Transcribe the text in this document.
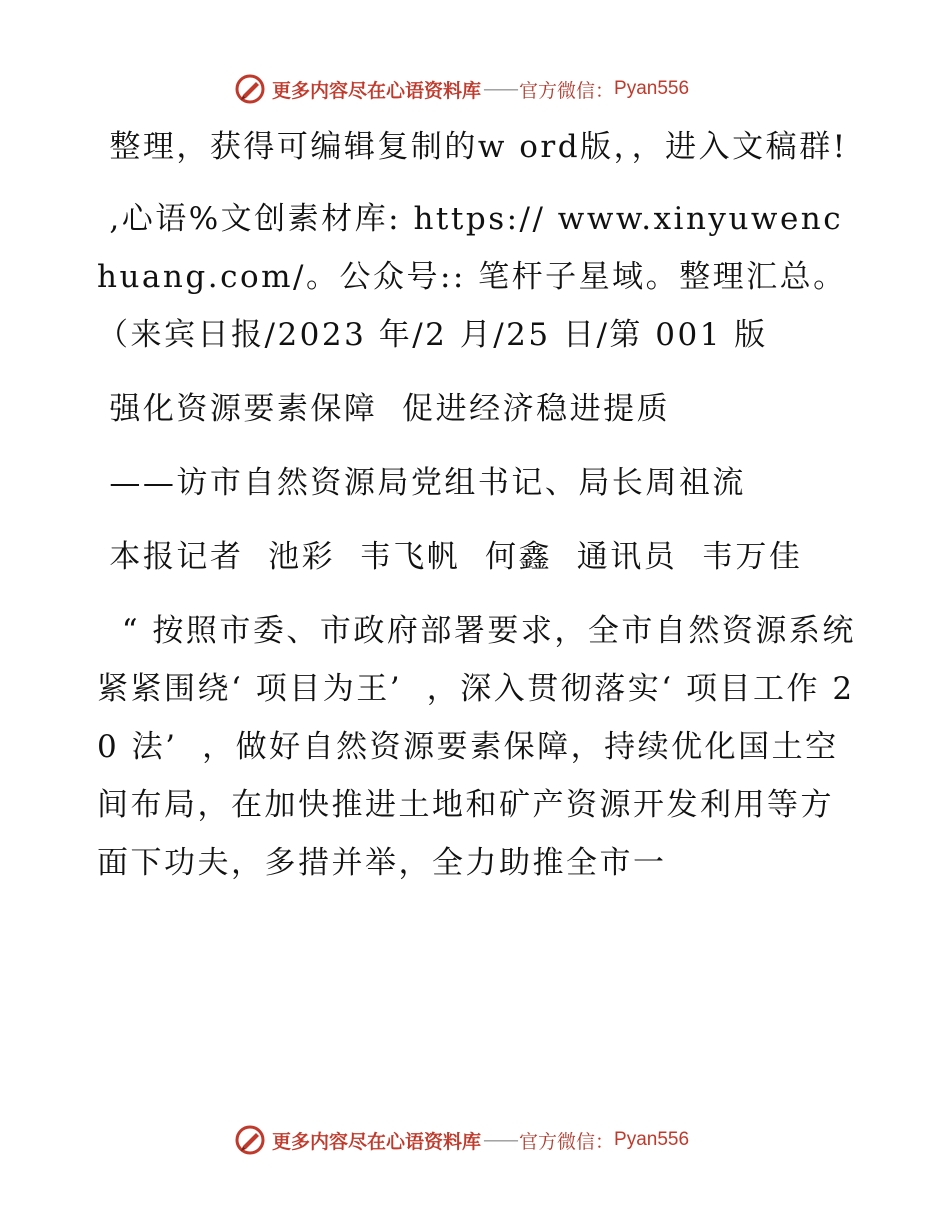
更多内容尽在心语资料库 —— 官方微信： Pyan556

整理，获得可编辑复制的w ord版，，进入文稿群!

,心语%文创素材库: https:// www.xinyuwenchuang.com/。公众号:: 笔杆子星域。整理汇总。（来宾日报/2023 年/2 月/25 日/第 001 版

强化资源要素保障  促进经济稳进提质

——访市自然资源局党组书记、局长周祖流

本报记者  池彩  韦飞帆  何鑫  通讯员  韦万佳

“ 按照市委、市政府部署要求，全市自然资源系统紧紧围绕‘ 项目为王’  ，深入贯彻落实‘ 项目工作 20 法’  ，做好自然资源要素保障，持续优化国土空间布局，在加快推进土地和矿产资源开发利用等方面下功夫，多措并举，全力助推全市一

更多内容尽在心语资料库 —— 官方微信： Pyan556
